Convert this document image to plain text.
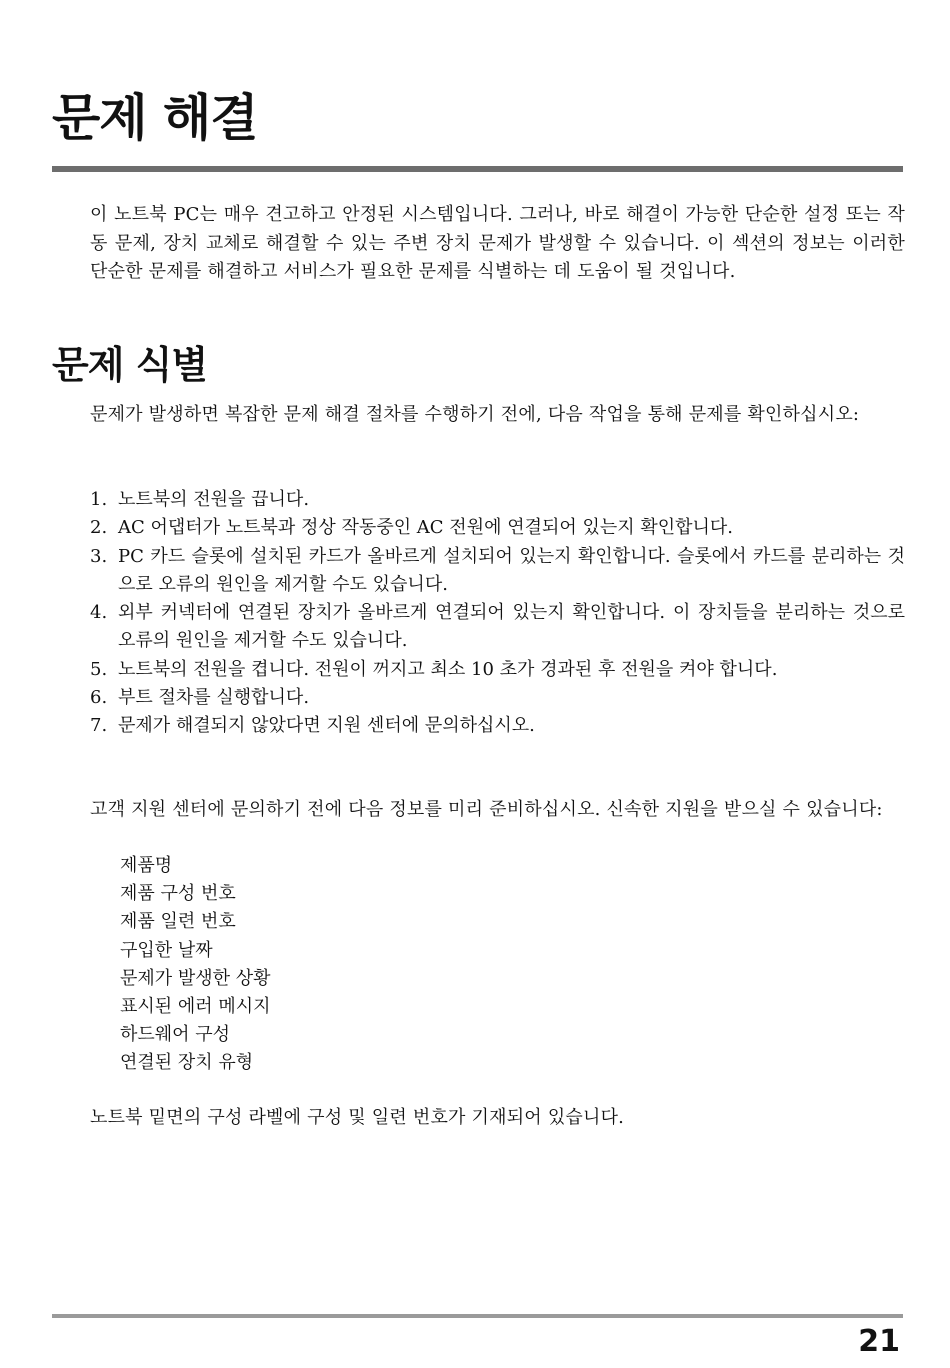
문제 해결

이 노트북 PC는 매우 견고하고 안정된 시스템입니다. 그러나, 바로 해결이 가능한 단순한 설정 또는 작동 문제, 장치 교체로 해결할 수 있는 주변 장치 문제가 발생할 수 있습니다. 이 섹션의 정보는 이러한 단순한 문제를 해결하고 서비스가 필요한 문제를 식별하는 데 도움이 될 것입니다.

문제 식별

문제가 발생하면 복잡한 문제 해결 절차를 수행하기 전에, 다음 작업을 통해 문제를 확인하십시오:

1. 노트북의 전원을 끕니다.
2. AC 어댑터가 노트북과 정상 작동중인 AC 전원에 연결되어 있는지 확인합니다.
3. PC 카드 슬롯에 설치된 카드가 올바르게 설치되어 있는지 확인합니다. 슬롯에서 카드를 분리하는 것으로 오류의 원인을 제거할 수도 있습니다.
4. 외부 커넥터에 연결된 장치가 올바르게 연결되어 있는지 확인합니다. 이 장치들을 분리하는 것으로 오류의 원인을 제거할 수도 있습니다.
5. 노트북의 전원을 켭니다. 전원이 꺼지고 최소 10 초가 경과된 후 전원을 켜야 합니다.
6. 부트 절차를 실행합니다.
7. 문제가 해결되지 않았다면 지원 센터에 문의하십시오.

고객 지원 센터에 문의하기 전에 다음 정보를 미리 준비하십시오. 신속한 지원을 받으실 수 있습니다:

제품명
제품 구성 번호
제품 일련 번호
구입한 날짜
문제가 발생한 상황
표시된 에러 메시지
하드웨어 구성
연결된 장치 유형

노트북 밑면의 구성 라벨에 구성 및 일련 번호가 기재되어 있습니다.

21
